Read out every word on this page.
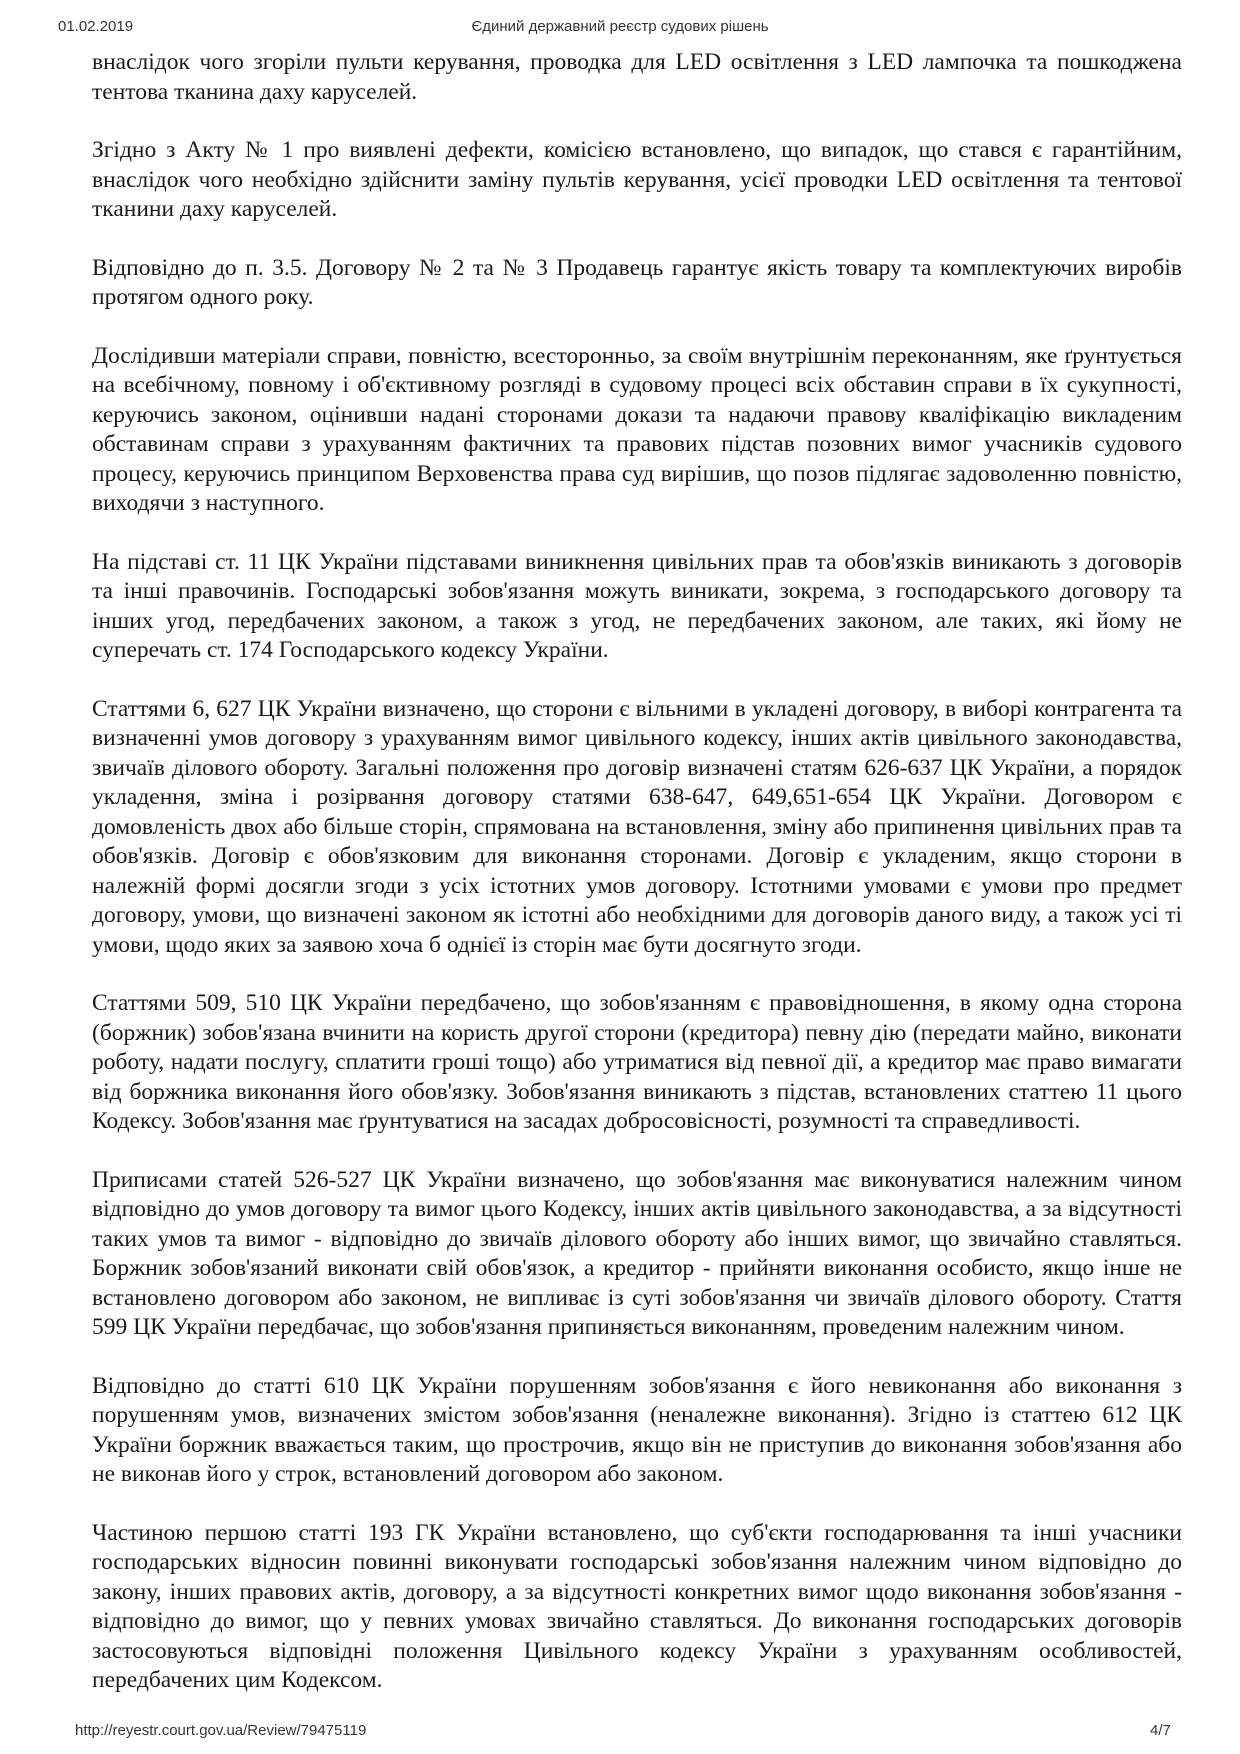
01.02.2019	Єдиний державний реєстр судових рішень

внаслідок чого згоріли пульти керування, проводка для LED освітлення з LED лампочка та пошкоджена тентова тканина даху каруселей.

Згідно з Акту № 1 про виявлені дефекти, комісією встановлено, що випадок, що стався є гарантійним, внаслідок чого необхідно здійснити заміну пультів керування, усієї проводки LED освітлення та тентової тканини даху каруселей.

Відповідно до п. 3.5. Договору № 2 та № 3 Продавець гарантує якість товару та комплектуючих виробів протягом одного року.

Дослідивши матеріали справи, повністю, всесторонньо, за своїм внутрішнім переконанням, яке ґрунтується на всебічному, повному і об'єктивному розгляді в судовому процесі всіх обставин справи в їх сукупності, керуючись законом, оцінивши надані сторонами докази та надаючи правову кваліфікацію викладеним обставинам справи з урахуванням фактичних та правових підстав позовних вимог учасників судового процесу, керуючись принципом Верховенства права суд вирішив, що позов підлягає задоволенню повністю, виходячи з наступного.

На підставі ст. 11 ЦК України підставами виникнення цивільних прав та обов'язків виникають з договорів та інші правочинів. Господарські зобов'язання можуть виникати, зокрема, з господарського договору та інших угод, передбачених законом, а також з угод, не передбачених законом, але таких, які йому не суперечать ст. 174 Господарського кодексу України.

Статтями 6, 627 ЦК України визначено, що сторони є вільними в укладені договору, в виборі контрагента та визначенні умов договору з урахуванням вимог цивільного кодексу, інших актів цивільного законодавства, звичаїв ділового обороту. Загальні положення про договір визначені статям 626-637 ЦК України, а порядок укладення, зміна і розірвання договору статями 638-647, 649,651-654 ЦК України. Договором є домовленість двох або більше сторін, спрямована на встановлення, зміну або припинення цивільних прав та обов'язків. Договір є обов'язковим для виконання сторонами. Договір є укладеним, якщо сторони в належній формі досягли згоди з усіх істотних умов договору. Істотними умовами є умови про предмет договору, умови, що визначені законом як істотні або необхідними для договорів даного виду, а також усі ті умови, щодо яких за заявою хоча б однієї із сторін має бути досягнуто згоди.

Статтями 509, 510 ЦК України передбачено, що зобов'язанням є правовідношення, в якому одна сторона (боржник) зобов'язана вчинити на користь другої сторони (кредитора) певну дію (передати майно, виконати роботу, надати послугу, сплатити гроші тощо) або утриматися від певної дії, а кредитор має право вимагати від боржника виконання його обов'язку. Зобов'язання виникають з підстав, встановлених статтею 11 цього Кодексу. Зобов'язання має ґрунтуватися на засадах добросовісності, розумності та справедливості.

Приписами статей 526-527 ЦК України визначено, що зобов'язання має виконуватися належним чином відповідно до умов договору та вимог цього Кодексу, інших актів цивільного законодавства, а за відсутності таких умов та вимог - відповідно до звичаїв ділового обороту або інших вимог, що звичайно ставляться. Боржник зобов'язаний виконати свій обов'язок, а кредитор - прийняти виконання особисто, якщо інше не встановлено договором або законом, не випливає із суті зобов'язання чи звичаїв ділового обороту. Стаття 599 ЦК України передбачає, що зобов'язання припиняється виконанням, проведеним належним чином.

Відповідно до статті 610 ЦК України порушенням зобов'язання є його невиконання або виконання з порушенням умов, визначених змістом зобов'язання (неналежне виконання). Згідно із статтею 612 ЦК України боржник вважається таким, що прострочив, якщо він не приступив до виконання зобов'язання або не виконав його у строк, встановлений договором або законом.

Частиною першою статті 193 ГК України встановлено, що суб'єкти господарювання та інші учасники господарських відносин повинні виконувати господарські зобов'язання належним чином відповідно до закону, інших правових актів, договору, а за відсутності конкретних вимог щодо виконання зобов'язання - відповідно до вимог, що у певних умовах звичайно ставляться. До виконання господарських договорів застосовуються відповідні положення Цивільного кодексу України з урахуванням особливостей, передбачених цим Кодексом.

http://reyestr.court.gov.ua/Review/79475119	4/7
